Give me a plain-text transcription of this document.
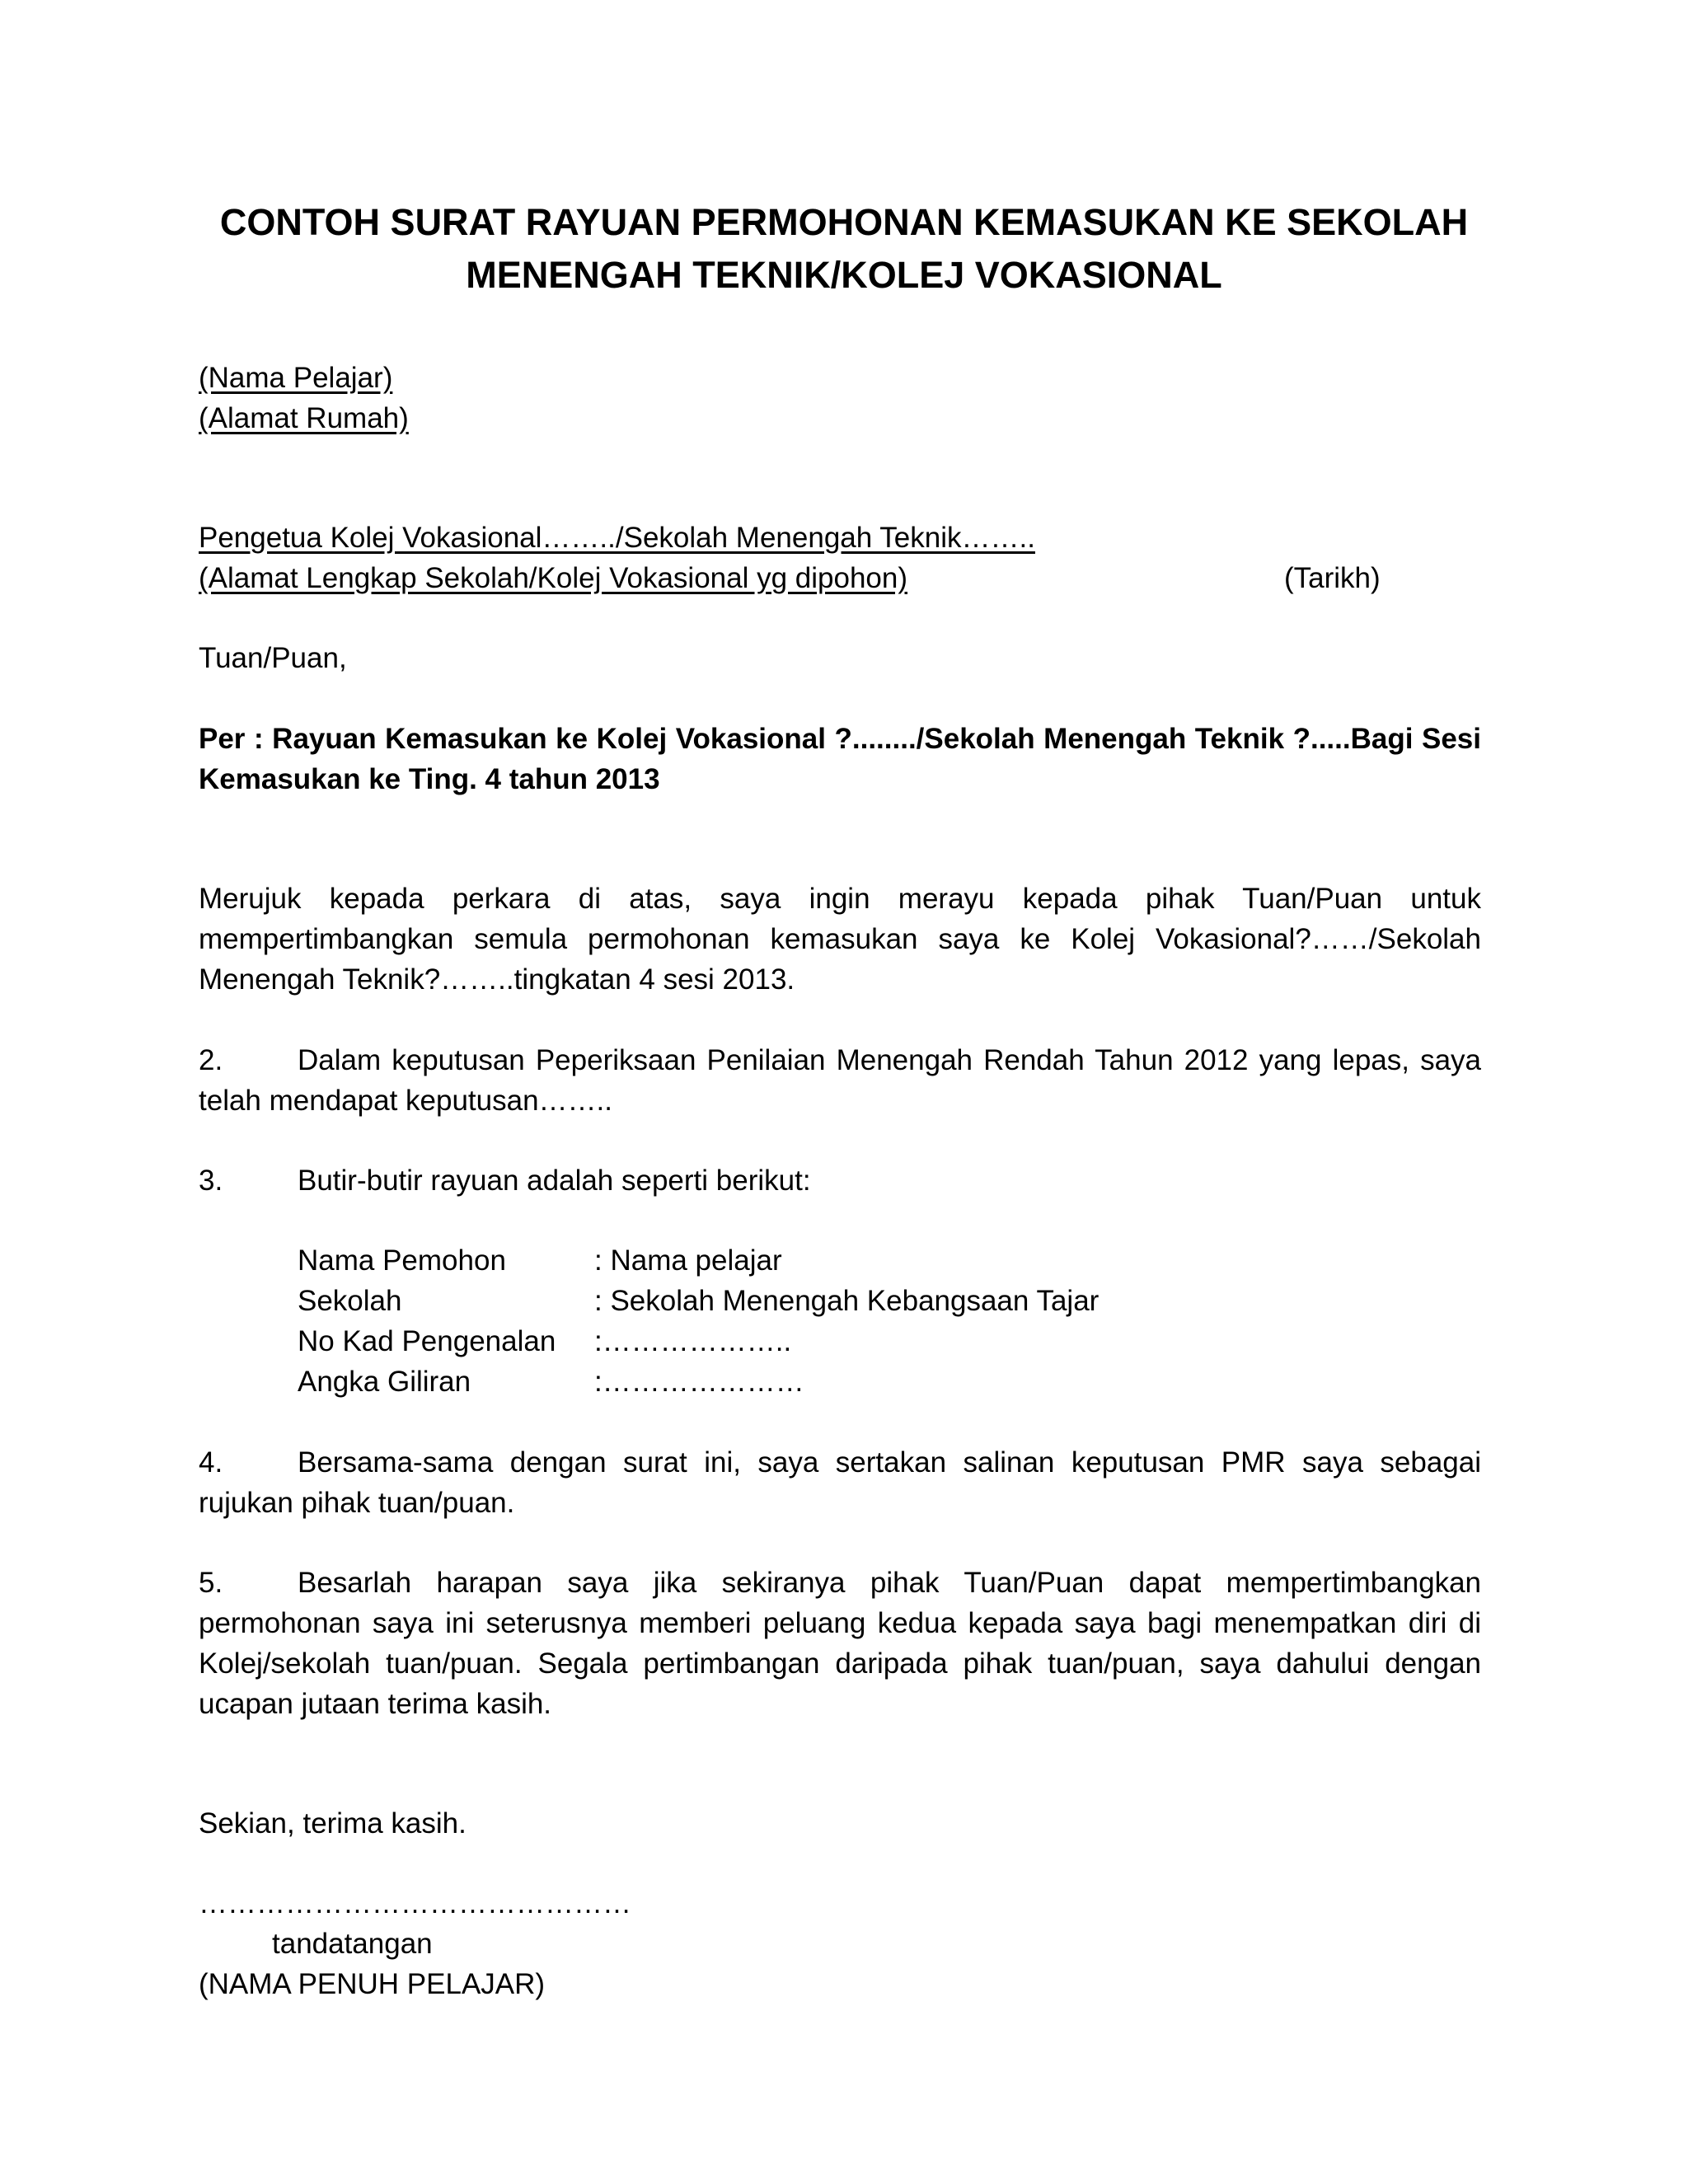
CONTOH SURAT RAYUAN PERMOHONAN KEMASUKAN KE SEKOLAH
MENENGAH TEKNIK/KOLEJ VOKASIONAL
(Nama Pelajar)
(Alamat Rumah)
Pengetua Kolej Vokasional……../Sekolah Menengah Teknik……..
(Alamat Lengkap Sekolah/Kolej Vokasional yg dipohon)	(Tarikh)
Tuan/Puan,
Per : Rayuan Kemasukan ke Kolej Vokasional ?......../Sekolah Menengah Teknik ?.....Bagi Sesi Kemasukan ke Ting. 4 tahun 2013
Merujuk kepada perkara di atas, saya ingin merayu kepada pihak Tuan/Puan untuk mempertimbangkan semula permohonan kemasukan saya ke Kolej Vokasional?……/Sekolah Menengah Teknik?……..tingkatan 4 sesi 2013.
2.	Dalam keputusan Peperiksaan Penilaian Menengah Rendah Tahun 2012 yang lepas, saya telah mendapat keputusan……..
3.	Butir-butir rayuan adalah seperti berikut:
Nama Pemohon	: Nama pelajar
Sekolah	: Sekolah Menengah Kebangsaan Tajar
No Kad Pengenalan :………………..
Angka Giliran	:…………………
4.	Bersama-sama dengan surat ini, saya sertakan salinan keputusan PMR saya sebagai rujukan pihak tuan/puan.
5.	Besarlah harapan saya jika sekiranya pihak Tuan/Puan dapat mempertimbangkan permohonan saya ini seterusnya memberi peluang kedua kepada saya bagi menempatkan diri di Kolej/sekolah tuan/puan. Segala pertimbangan daripada pihak tuan/puan, saya dahului dengan ucapan jutaan terima kasih.
Sekian, terima kasih.
………………………………………
tandatangan
(NAMA PENUH PELAJAR)
